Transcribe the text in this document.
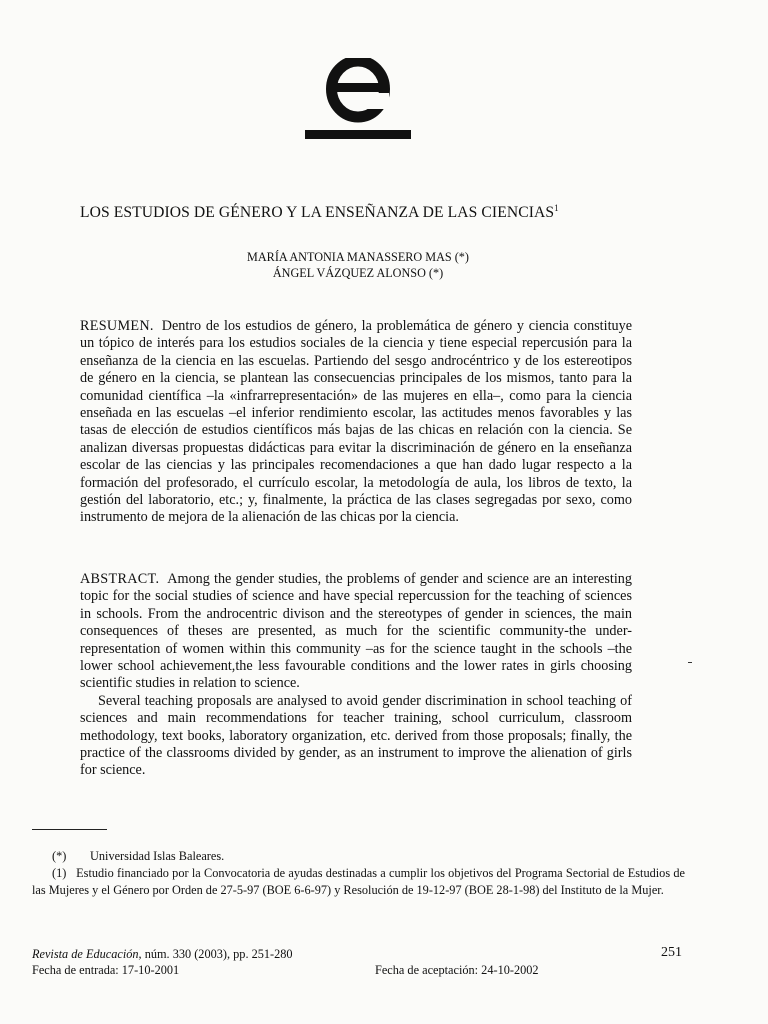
LOS ESTUDIOS DE GÉNERO Y LA ENSEÑANZA DE LAS CIENCIAS$^1$
MARÍA ANTONIA MANASSERO MAS (*)
ÁNGEL VÁZQUEZ ALONSO (*)

RESUMEN. Dentro de los estudios de género, la problemática de género y ciencia constituye un tópico de interés para los estudios sociales de la ciencia y tiene especial repercusión para la enseñanza de la ciencia en las escuelas. Partiendo del sesgo androcéntrico y de los estereotipos de género en la ciencia, se plantean las consecuencias principales de los mismos, tanto para la comunidad científica –la «infrarrepresentación» de las mujeres en ella–, como para la ciencia enseñada en las escuelas –el inferior rendimiento escolar, las actitudes menos favorables y las tasas de elección de estudios científicos más bajas de las chicas en relación con la ciencia. Se analizan diversas propuestas didácticas para evitar la discriminación de género en la enseñanza escolar de las ciencias y las principales recomendaciones a que han dado lugar respecto a la formación del profesorado, el currículo escolar, la metodología de aula, los libros de texto, la gestión del laboratorio, etc.; y, finalmente, la práctica de las clases segregadas por sexo, como instrumento de mejora de la alienación de las chicas por la ciencia.

ABSTRACT. Among the gender studies, the problems of gender and science are an interesting topic for the social studies of science and have special repercussion for the teaching of sciences in schools. From the androcentric divison and the stereotypes of gender in sciences, the main consequences of theses are presented, as much for the scientific community-the under-representation of women within this community –as for the science taught in the schools –the lower school achievement,the less favourable conditions and the lower rates in girls choosing scientific studies in relation to science.

Several teaching proposals are analysed to avoid gender discrimination in school teaching of sciences and main recommendations for teacher training, school curriculum, classroom methodology, text books, laboratory organization, etc. derived from those proposals; finally, the practice of the classrooms divided by gender, as an instrument to improve the alienation of girls for science.

(*) Universidad Islas Baleares.

(1) Estudio financiado por la Convocatoria de ayudas destinadas a cumplir los objetivos del Programa Sectorial de Estudios de las Mujeres y el Género por Orden de 27-5-97 (BOE 6-6-97) y Resolución de 19-12-97 (BOE 28-1-98) del Instituto de la Mujer.

Revista de Educación, núm. 330 (2003), pp. 251-280	251
Fecha de entrada: 17-10-2001	Fecha de aceptación: 24-10-2002
